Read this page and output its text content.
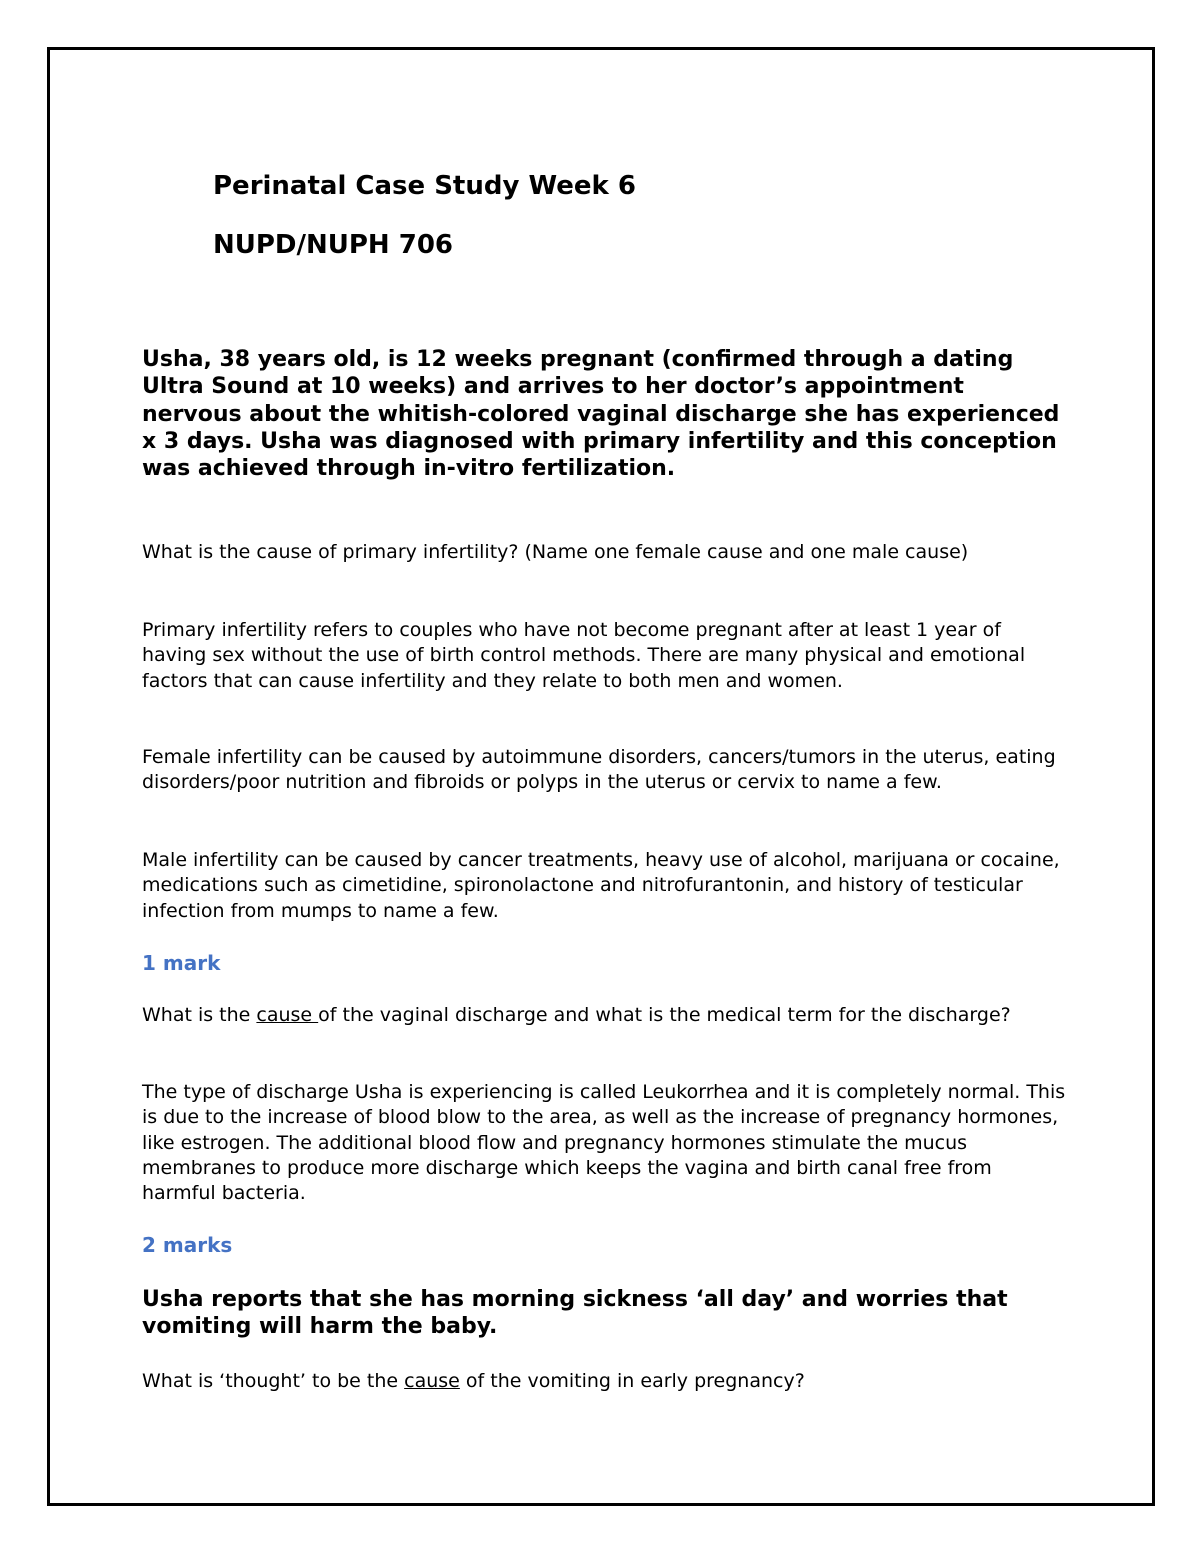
Perinatal Case Study Week 6
NUPD/NUPH 706

Usha, 38 years old, is 12 weeks pregnant (confirmed through a dating Ultra Sound at 10 weeks) and arrives to her doctor’s appointment nervous about the whitish-colored vaginal discharge she has experienced x 3 days. Usha was diagnosed with primary infertility and this conception was achieved through in-vitro fertilization.

What is the cause of primary infertility? (Name one female cause and one male cause)

Primary infertility refers to couples who have not become pregnant after at least 1 year of having sex without the use of birth control methods. There are many physical and emotional factors that can cause infertility and they relate to both men and women.

Female infertility can be caused by autoimmune disorders, cancers/tumors in the uterus, eating disorders/poor nutrition and fibroids or polyps in the uterus or cervix to name a few.

Male infertility can be caused by cancer treatments, heavy use of alcohol, marijuana or cocaine, medications such as cimetidine, spironolactone and nitrofurantonin, and history of testicular infection from mumps to name a few.

1 mark

What is the cause of the vaginal discharge and what is the medical term for the discharge?

The type of discharge Usha is experiencing is called Leukorrhea and it is completely normal. This is due to the increase of blood blow to the area, as well as the increase of pregnancy hormones, like estrogen. The additional blood flow and pregnancy hormones stimulate the mucus membranes to produce more discharge which keeps the vagina and birth canal free from harmful bacteria.

2 marks

Usha reports that she has morning sickness ‘all day’ and worries that vomiting will harm the baby.

What is ‘thought’ to be the cause of the vomiting in early pregnancy?
